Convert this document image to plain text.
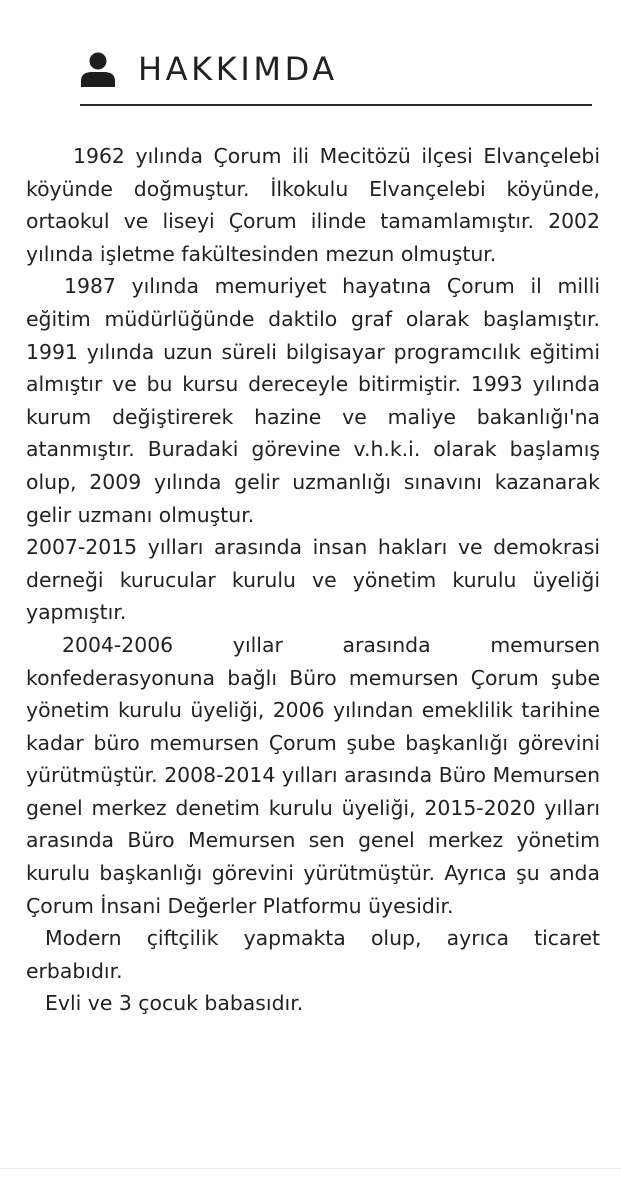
HAKKIMDA

1962 yılında Çorum ili Mecitözü ilçesi Elvançelebi köyünde doğmuştur. İlkokulu Elvançelebi köyünde, ortaokul ve liseyi Çorum ilinde tamamlamıştır. 2002 yılında işletme fakültesinden mezun olmuştur.

1987 yılında memuriyet hayatına Çorum il milli eğitim müdürlüğünde daktilo graf olarak başlamıştır. 1991 yılında uzun süreli bilgisayar programcılık eğitimi almıştır ve bu kursu dereceyle bitirmiştir. 1993 yılında kurum değiştirerek hazine ve maliye bakanlığı'na atanmıştır. Buradaki görevine v.h.k.i. olarak başlamış olup, 2009 yılında gelir uzmanlığı sınavını kazanarak gelir uzmanı olmuştur.

2007-2015 yılları arasında insan hakları ve demokrasi derneği kurucular kurulu ve yönetim kurulu üyeliği yapmıştır.

2004-2006 yıllar arasında memursen konfederasyonuna bağlı Büro memursen Çorum şube yönetim kurulu üyeliği, 2006 yılından emeklilik tarihine kadar büro memursen Çorum şube başkanlığı görevini yürütmüştür. 2008-2014 yılları arasında Büro Memursen genel merkez denetim kurulu üyeliği, 2015-2020 yılları arasında Büro Memursen sen genel merkez yönetim kurulu başkanlığı görevini yürütmüştür. Ayrıca şu anda Çorum İnsani Değerler Platformu üyesidir.

Modern çiftçilik yapmakta olup, ayrıca ticaret erbabıdır.

Evli ve 3 çocuk babasıdır.
